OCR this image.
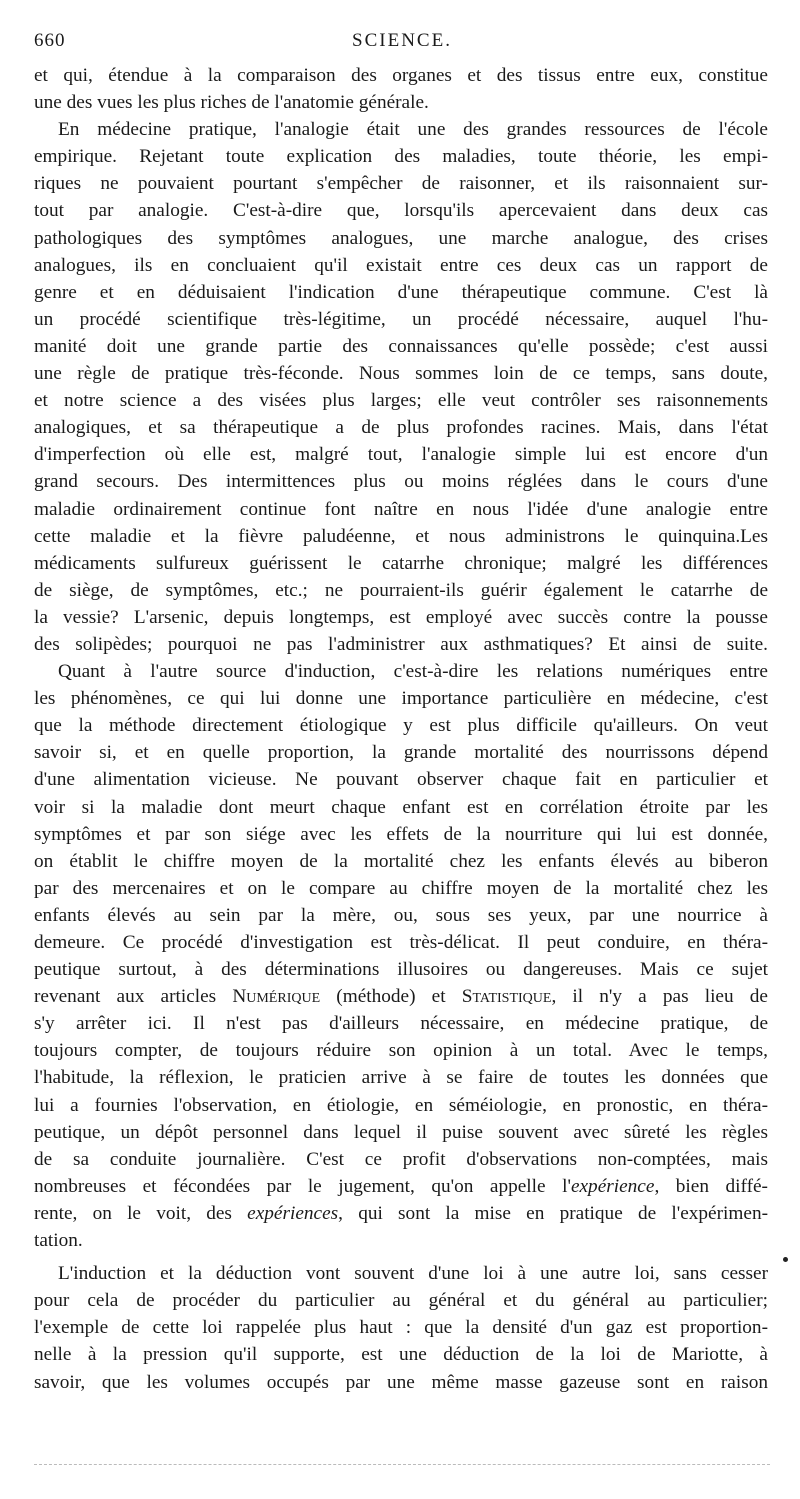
660	SCIENCE.
et qui, étendue à la comparaison des organes et des tissus entre eux, constitue
une des vues les plus riches de l'anatomie générale.
En médecine pratique, l'analogie était une des grandes ressources de l'école
empirique. Rejetant toute explication des maladies, toute théorie, les empi-
riques ne pouvaient pourtant s'empêcher de raisonner, et ils raisonnaient sur-
tout par analogie. C'est-à-dire que, lorsqu'ils apercevaient dans deux cas
pathologiques des symptômes analogues, une marche analogue, des crises
analogues, ils en concluaient qu'il existait entre ces deux cas un rapport de
genre et en déduisaient l'indication d'une thérapeutique commune. C'est là
un procédé scientifique très-légitime, un procédé nécessaire, auquel l'hu-
manité doit une grande partie des connaissances qu'elle possède; c'est aussi
une règle de pratique très-féconde. Nous sommes loin de ce temps, sans doute,
et notre science a des visées plus larges; elle veut contrôler ses raisonnements
analogiques, et sa thérapeutique a de plus profondes racines. Mais, dans l'état
d'imperfection où elle est, malgré tout, l'analogie simple lui est encore d'un
grand secours. Des intermittences plus ou moins réglées dans le cours d'une
maladie ordinairement continue font naître en nous l'idée d'une analogie entre
cette maladie et la fièvre paludéenne, et nous administrons le quinquina.Les
médicaments sulfureux guérissent le catarrhe chronique; malgré les différences
de siège, de symptômes, etc.; ne pourraient-ils guérir également le catarrhe de
la vessie? L'arsenic, depuis longtemps, est employé avec succès contre la pousse
des solipèdes; pourquoi ne pas l'administrer aux asthmatiques? Et ainsi de suite.
Quant à l'autre source d'induction, c'est-à-dire les relations numériques entre
les phénomènes, ce qui lui donne une importance particulière en médecine, c'est
que la méthode directement étiologique y est plus difficile qu'ailleurs. On veut
savoir si, et en quelle proportion, la grande mortalité des nourrissons dépend
d'une alimentation vicieuse. Ne pouvant observer chaque fait en particulier et
voir si la maladie dont meurt chaque enfant est en corrélation étroite par les
symptômes et par son siége avec les effets de la nourriture qui lui est donnée,
on établit le chiffre moyen de la mortalité chez les enfants élevés au biberon
par des mercenaires et on le compare au chiffre moyen de la mortalité chez les
enfants élevés au sein par la mère, ou, sous ses yeux, par une nourrice à
demeure. Ce procédé d'investigation est très-délicat. Il peut conduire, en théra-
peutique surtout, à des déterminations illusoires ou dangereuses. Mais ce sujet
revenant aux articles Numérique (méthode) et Statistique, il n'y a pas lieu de
s'y arrêter ici. Il n'est pas d'ailleurs nécessaire, en médecine pratique, de
toujours compter, de toujours réduire son opinion à un total. Avec le temps,
l'habitude, la réflexion, le praticien arrive à se faire de toutes les données que
lui a fournies l'observation, en étiologie, en séméiologie, en pronostic, en théra-
peutique, un dépôt personnel dans lequel il puise souvent avec sûreté les règles
de sa conduite journalière. C'est ce profit d'observations non-comptées, mais
nombreuses et fécondées par le jugement, qu'on appelle l'expérience, bien diffé-
rente, on le voit, des expériences, qui sont la mise en pratique de l'expérimen-
tation.
L'induction et la déduction vont souvent d'une loi à une autre loi, sans cesser
pour cela de procéder du particulier au général et du général au particulier;
l'exemple de cette loi rappelée plus haut : que la densité d'un gaz est proportion-
nelle à la pression qu'il supporte, est une déduction de la loi de Mariotte, à
savoir, que les volumes occupés par une même masse gazeuse sont en raison
